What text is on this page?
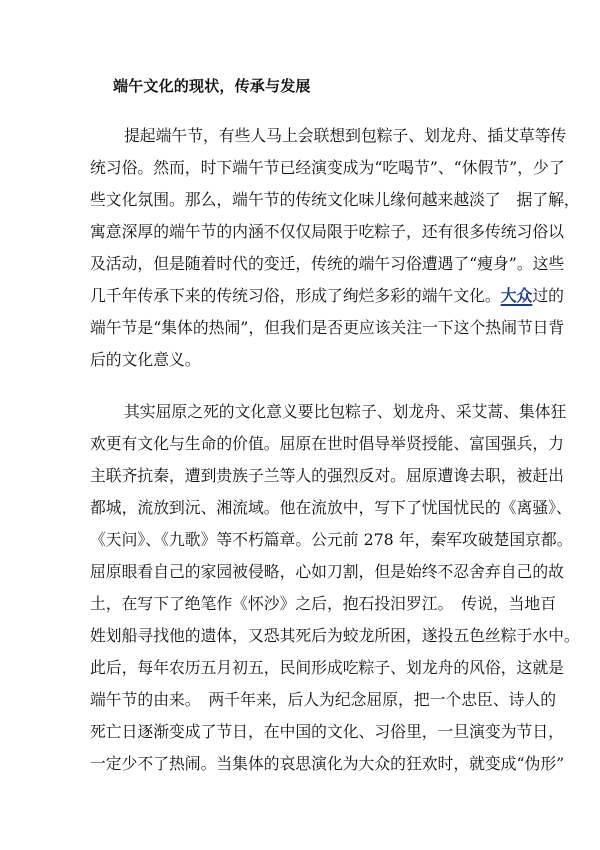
端午文化的现状，传承与发展
提起端午节，有些人马上会联想到包粽子、划龙舟、插艾草等传
统习俗。然而，时下端午节已经演变成为“吃喝节”、“休假节”，少了
些文化氛围。那么，端午节的传统文化味儿缘何越来越淡了　据了解，
寓意深厚的端午节的内涵不仅仅局限于吃粽子，还有很多传统习俗以
及活动，但是随着时代的变迁，传统的端午习俗遭遇了“瘦身”。这些
几千年传承下来的传统习俗，形成了绚烂多彩的端午文化。大众过的
端午节是“集体的热闹”，但我们是否更应该关注一下这个热闹节日背
后的文化意义。
其实屈原之死的文化意义要比包粽子、划龙舟、采艾蒿、集体狂
欢更有文化与生命的价值。屈原在世时倡导举贤授能、富国强兵，力
主联齐抗秦，遭到贵族子兰等人的强烈反对。屈原遭谗去职，被赶出
都城，流放到沅、湘流域。他在流放中，写下了忧国忧民的《离骚》、
《天问》、《九歌》等不朽篇章。公元前 278 年，秦军攻破楚国京都。
屈原眼看自己的家园被侵略，心如刀割，但是始终不忍舍弃自己的故
土，在写下了绝笔作《怀沙》之后，抱石投汨罗江。　传说，当地百
姓划船寻找他的遗体，又恐其死后为蛟龙所困，遂投五色丝粽于水中。
此后，每年农历五月初五，民间形成吃粽子、划龙舟的风俗，这就是
端午节的由来。　两千年来，后人为纪念屈原，把一个忠臣、诗人的
死亡日逐渐变成了节日，在中国的文化、习俗里，一旦演变为节日，
一定少不了热闹。当集体的哀思演化为大众的狂欢时，就变成“伪形”
